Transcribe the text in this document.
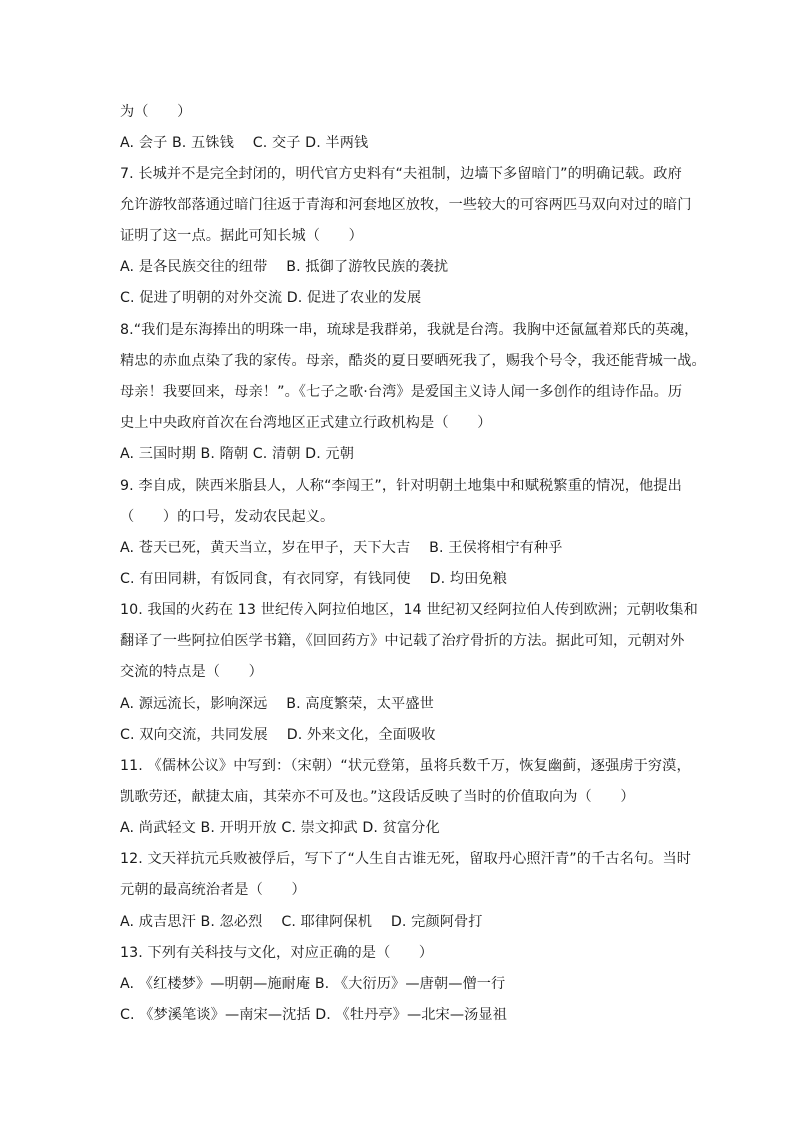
为（　　）
A. 会子 B. 五铢钱　 C. 交子 D. 半两钱
7. 长城并不是完全封闭的，明代官方史料有“夫祖制，边墙下多留暗门”的明确记载。政府
允许游牧部落通过暗门往返于青海和河套地区放牧，一些较大的可容两匹马双向对过的暗门
证明了这一点。据此可知长城（　　）
A. 是各民族交往的纽带　 B. 抵御了游牧民族的袭扰
C. 促进了明朝的对外交流 D. 促进了农业的发展
8.“我们是东海捧出的明珠一串，琉球是我群弟，我就是台湾。我胸中还氤氲着郑氏的英魂，
精忠的赤血点染了我的家传。母亲，酷炎的夏日要晒死我了，赐我个号令，我还能背城一战。
母亲！我要回来，母亲！”。《七子之歌·台湾》是爱国主义诗人闻一多创作的组诗作品。历
史上中央政府首次在台湾地区正式建立行政机构是（　　）
A. 三国时期 B. 隋朝 C. 清朝 D. 元朝
9. 李自成，陕西米脂县人，人称“李闯王”，针对明朝土地集中和赋税繁重的情况，他提出
（　　）的口号，发动农民起义。
A. 苍天已死，黄天当立，岁在甲子，天下大吉　 B. 王侯将相宁有种乎
C. 有田同耕，有饭同食，有衣同穿，有钱同使　 D. 均田免粮
10. 我国的火药在 13 世纪传入阿拉伯地区，14 世纪初又经阿拉伯人传到欧洲；元朝收集和
翻译了一些阿拉伯医学书籍，《回回药方》中记载了治疗骨折的方法。据此可知，元朝对外
交流的特点是（　　）
A. 源远流长，影响深远　 B. 高度繁荣，太平盛世
C. 双向交流，共同发展　 D. 外来文化，全面吸收
11. 《儒林公议》中写到：（宋朝）“状元登第，虽将兵数千万，恢复幽蓟，逐强虏于穷漠，
凯歌劳还，献捷太庙，其荣亦不可及也。”这段话反映了当时的价值取向为（　　）
A. 尚武轻文 B. 开明开放 C. 崇文抑武 D. 贫富分化
12. 文天祥抗元兵败被俘后，写下了“人生自古谁无死，留取丹心照汗青”的千古名句。当时
元朝的最高统治者是（　　）
A. 成吉思汗 B. 忽必烈　 C. 耶律阿保机　 D. 完颜阿骨打
13. 下列有关科技与文化，对应正确的是（　　）
A. 《红楼梦》—明朝—施耐庵 B. 《大衍历》—唐朝—僧一行
C. 《梦溪笔谈》—南宋—沈括 D. 《牡丹亭》—北宋—汤显祖
